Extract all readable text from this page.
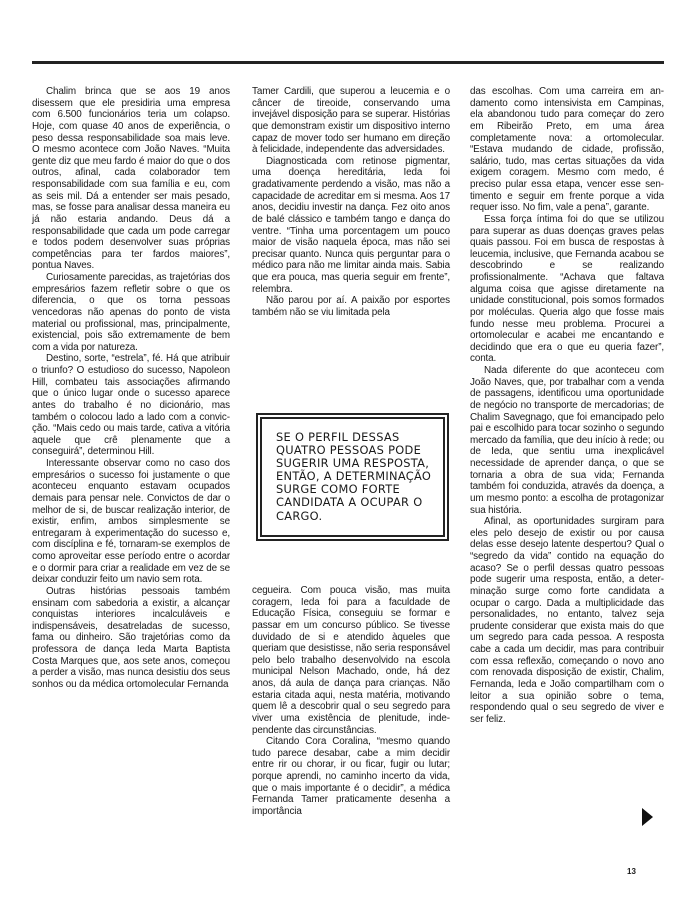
Chalim brinca que se aos 19 anos disessem que ele presidiria uma empresa com 6.500 funcionários teria um colapso. Hoje, com quase 40 anos de experiência, o peso dessa responsabilidade soa mais leve. O mesmo acontece com João Naves. “Muita gente diz que meu fardo é maior do que o dos outros, afinal, cada colaborador tem responsabilidade com sua família e eu, com as seis mil. Dá a entender ser mais pesado, mas, se fosse para analisar dessa maneira eu já não estaria andando. Deus dá a responsabilidade que cada um pode carregar e todos podem desenvolver suas próprias competências para ter fardos maiores”, pontua Naves.

Curiosamente parecidas, as trajetórias dos empresários fazem refletir sobre o que os diferencia, o que os torna pessoas vencedoras não apenas do ponto de vista material ou profissional, mas, principalmente, existencial, pois são extremamente de bem com a vida por natureza.

Destino, sorte, “estrela”, fé. Há que atribuir o triunfo? O estudioso do sucesso, Napoleon Hill, combateu tais associações afirmando que o único lugar onde o sucesso aparece antes do trabalho é no dicionário, mas também o colocou lado a lado com a convicção. “Mais cedo ou mais tarde, cativa a vitória aquele que crê plenamente que a conseguirá”, determinou Hill.

Interessante observar como no caso dos empresários o sucesso foi justamente o que aconteceu enquanto estavam ocupados demais para pensar nele. Convictos de dar o melhor de si, de buscar realização interior, de existir, enfim, ambos simplesmente se entregaram à experimentação do sucesso e, com discíplina e fé, tornaram-se exemplos de como aproveitar esse período entre o acordar e o dormir para criar a realidade em vez de se deixar conduzir feito um navio sem rota.

Outras histórias pessoais também ensinam com sabedoria a existir, a alcançar conquistas interiores incalculáveis e indispensáveis, desatreladas de sucesso, fama ou dinheiro. São trajetórias como da professora de dança Ieda Marta Baptista Costa Marques que, aos sete anos, começou a perder a visão, mas nunca desistiu dos seus sonhos ou da médica ortomolecular Fernanda

Tamer Cardili, que superou a leucemia e o câncer de tireoide, conservando uma invejável disposição para se superar. Histórias que demonstram existir um dispositivo interno capaz de mover todo ser humano em direção à felicidade, independente das adversidades.

Diagnosticada com retinose pigmentar, uma doença hereditária, Ieda foi gradativamente perdendo a visão, mas não a capacidade de acreditar em si mesma. Aos 17 anos, decidiu investir na dança. Fez oito anos de balé clássico e também tango e dança do ventre. “Tinha uma porcentagem um pouco maior de visão naquela época, mas não sei precisar quanto. Nunca quis perguntar para o médico para não me limitar ainda mais. Sabia que era pouca, mas queria seguir em frente”, relembra.

Não parou por aí. A paixão por esportes também não se viu limitada pela

SE O PERFIL DESSAS QUATRO PESSOAS PODE SUGERIR UMA RESPOSTA, ENTÃO, A DETERMINAÇÃO SURGE COMO FORTE CANDIDATA A OCUPAR O CARGO.

cegueira. Com pouca visão, mas muita coragem, Ieda foi para a faculdade de Educação Física, conseguiu se formar e passar em um concurso público. Se tivesse duvidado de si e atendido àqueles que queriam que desistisse, não seria responsável pelo belo trabalho desenvolvido na escola municipal Nelson Machado, onde, há dez anos, dá aula de dança para crianças. Não estaria citada aqui, nesta matéria, motivando quem lê a descobrir qual o seu segredo para viver uma existência de plenitude, independente das circunstâncias.

Citando Cora Coralina, “mesmo quando tudo parece desabar, cabe a mim decidir entre rir ou chorar, ir ou ficar, fugir ou lutar; porque aprendi, no caminho incerto da vida, que o mais importante é o decidir”, a médica Fernanda Tamer praticamente desenha a importância

das escolhas. Com uma carreira em andamento como intensivista em Campinas, ela abandonou tudo para começar do zero em Ribeirão Preto, em uma área completamente nova: a ortomolecular. “Estava mudando de cidade, profissão, salário, tudo, mas certas situações da vida exigem coragem. Mesmo com medo, é preciso pular essa etapa, vencer esse sentimento e seguir em frente porque a vida requer isso. No fim, vale a pena”, garante.

Essa força íntima foi do que se utilizou para superar as duas doenças graves pelas quais passou. Foi em busca de respostas à leucemia, inclusive, que Fernanda acabou se descobrindo e se realizando profissionalmente. “Achava que faltava alguma coisa que agisse diretamente na unidade constitucional, pois somos formados por moléculas. Queria algo que fosse mais fundo nesse meu problema. Procurei a ortomolecular e acabei me encantando e decidindo que era o que eu queria fazer”, conta.

Nada diferente do que aconteceu com João Naves, que, por trabalhar com a venda de passagens, identificou uma oportunidade de negócio no transporte de mercadorias; de Chalim Savegnago, que foi emancipado pelo pai e escolhido para tocar sozinho o segundo mercado da família, que deu início à rede; ou de Ieda, que sentiu uma inexplicável necessidade de aprender dança, o que se tornaria a obra de sua vida; Fernanda também foi conduzida, através da doença, a um mesmo ponto: a escolha de protagonizar sua história.

Afinal, as oportunidades surgiram para eles pelo desejo de existir ou por causa delas esse desejo latente despertou? Qual o “segredo da vida” contido na equação do acaso? Se o perfil dessas quatro pessoas pode sugerir uma resposta, então, a determinação surge como forte candidata a ocupar o cargo. Dada a multiplicidade das personalidades, no entanto, talvez seja prudente considerar que exista mais do que um segredo para cada pessoa. A resposta cabe a cada um decidir, mas para contribuir com essa reflexão, começando o novo ano com renovada disposição de existir, Chalim, Fernanda, Ieda e João compartilham com o leitor a sua opinião sobre o tema, respondendo qual o seu segredo de viver e ser feliz.

13
